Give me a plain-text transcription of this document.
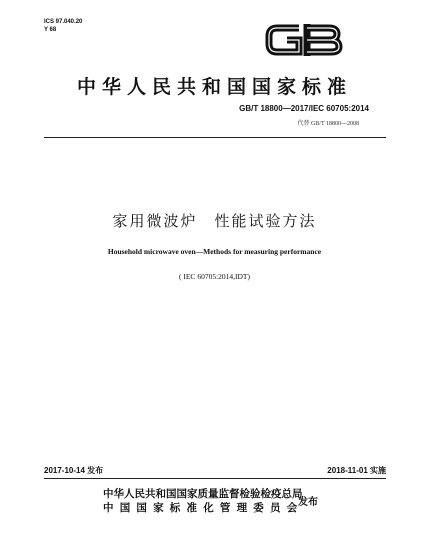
ICS 97.040.20
Y 68
中华人民共和国国家标准
GB/T 18800—2017/IEC 60705:2014
代替 GB/T 18800—2008
家用微波炉　性能试验方法
Household microwave oven—Methods for measuring performance
( IEC 60705:2014,IDT)
2017-10-14 发布	2018-11-01 实施
中华人民共和国国家质量监督检验检疫总局
中国国家标准化管理委员会
发布
